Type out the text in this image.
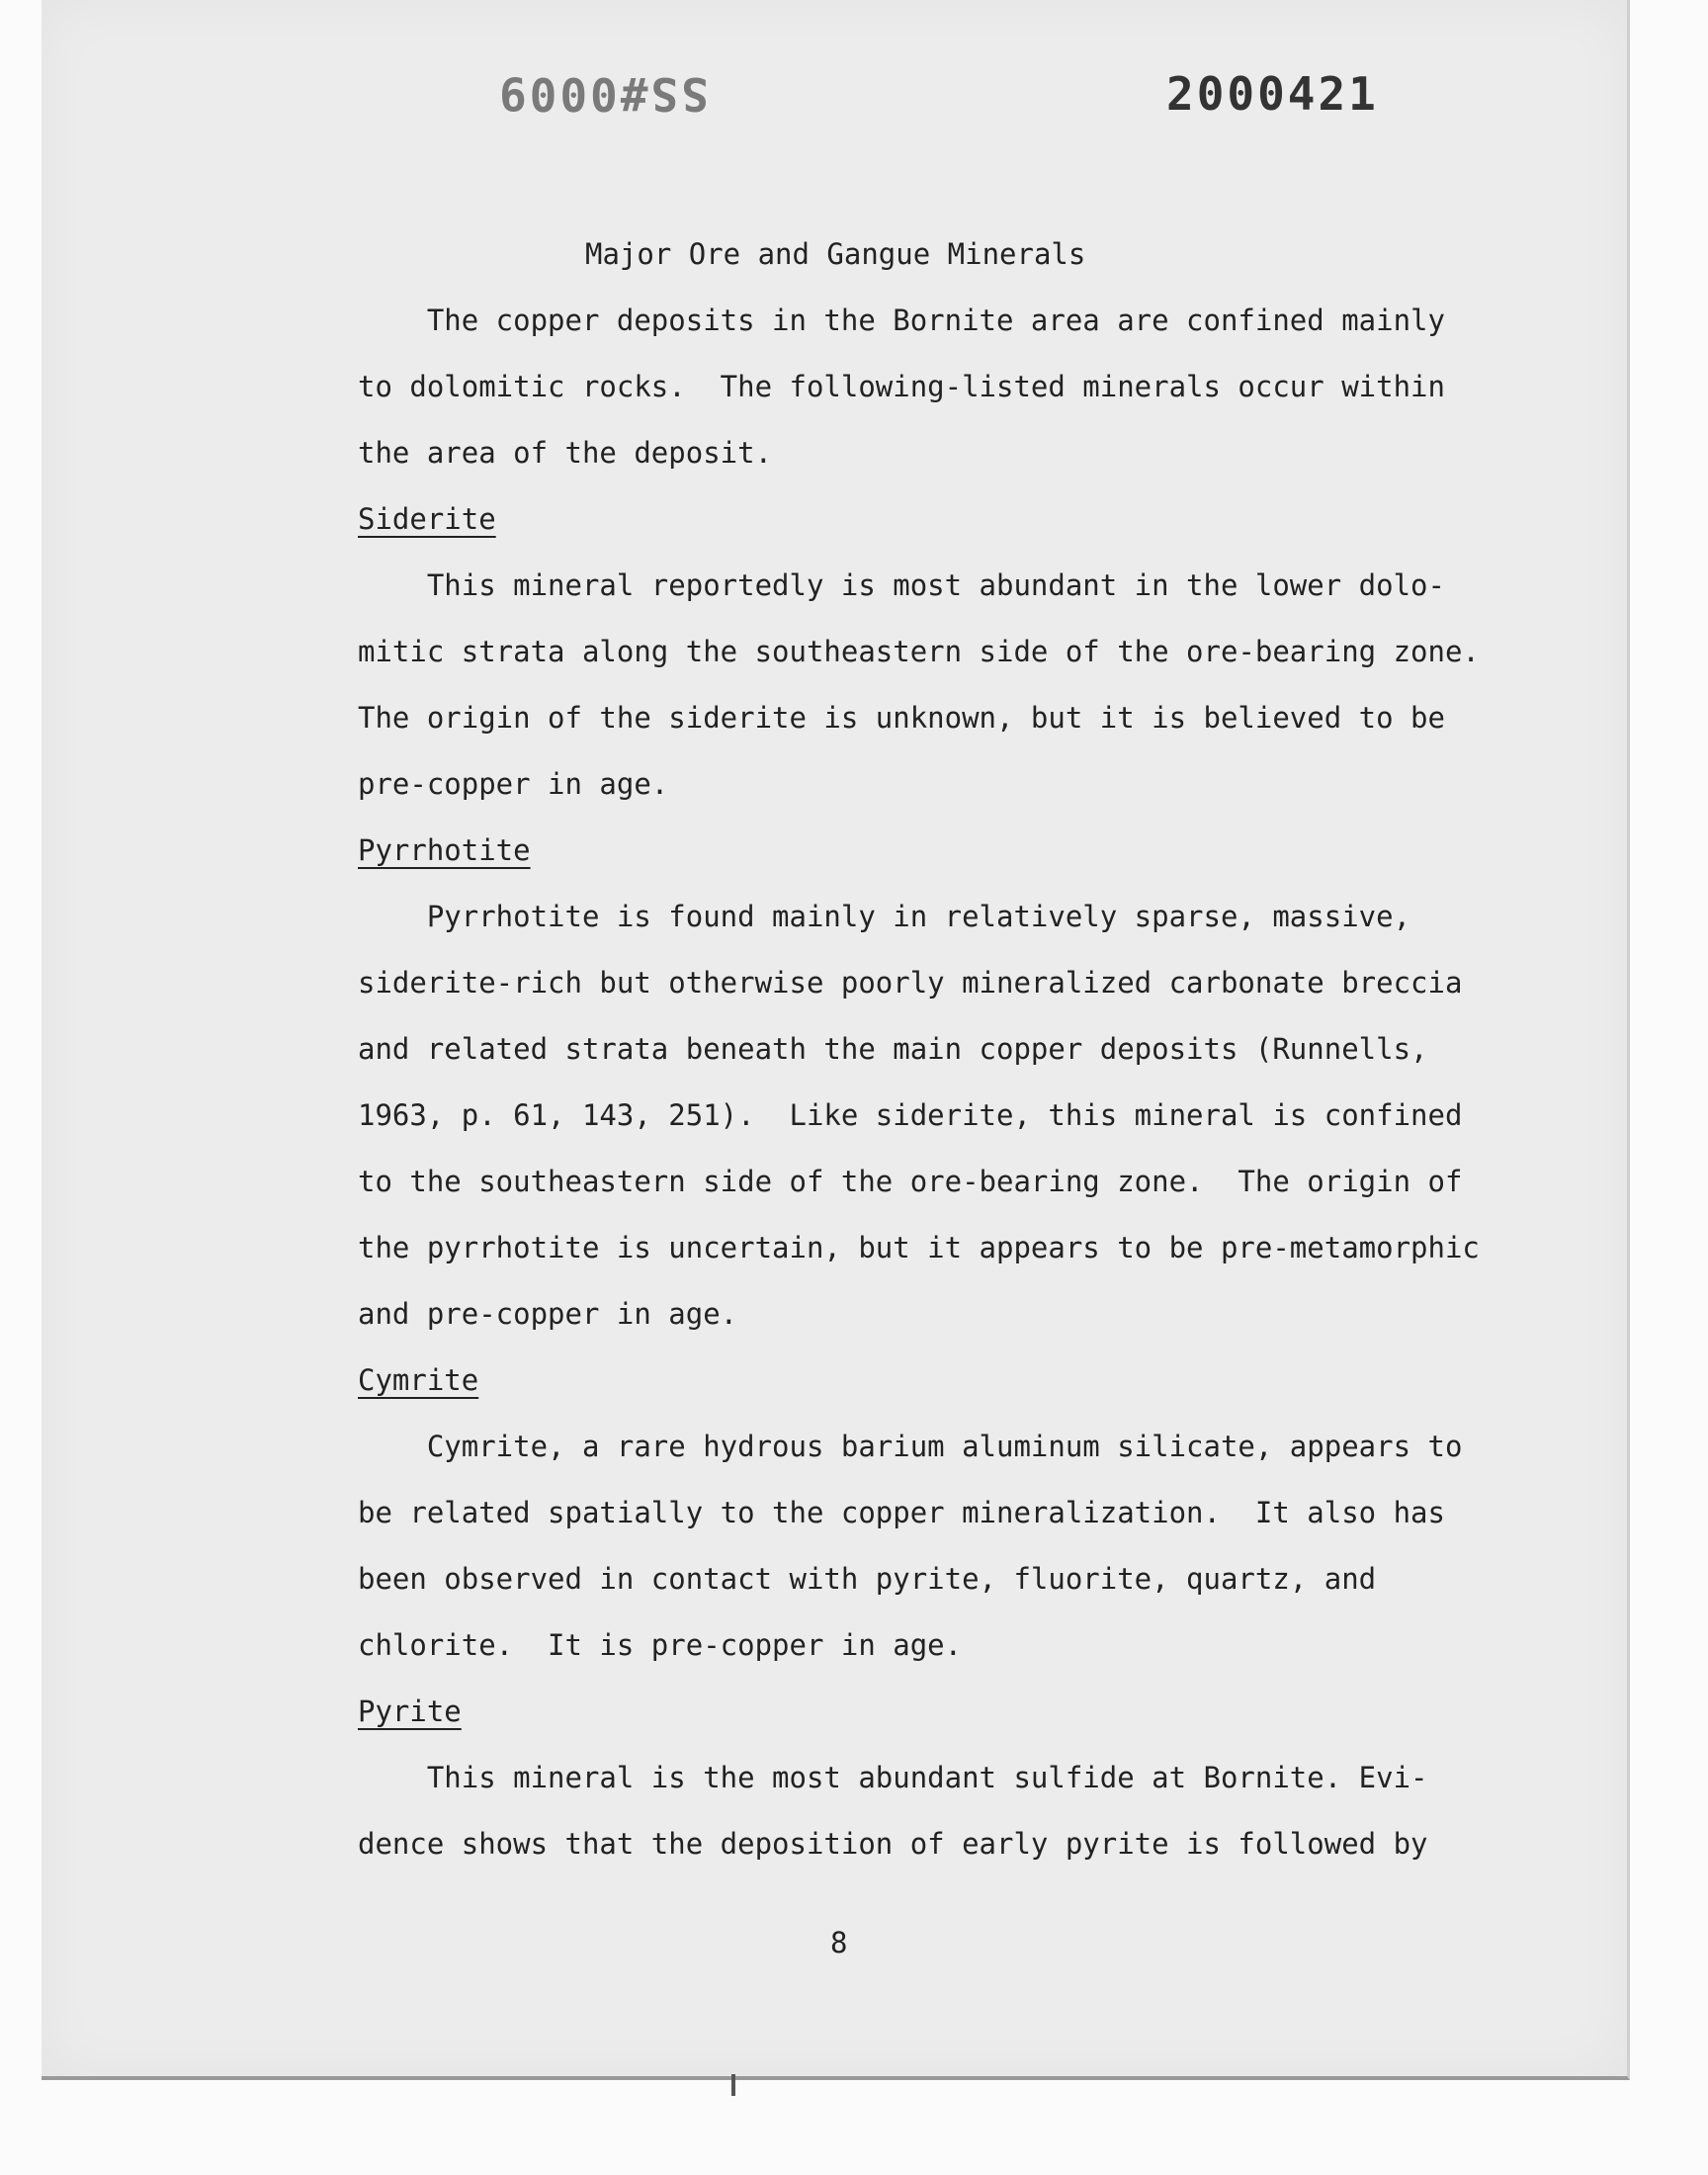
SS#0009	2000421
Major Ore and Gangue Minerals
The copper deposits in the Bornite area are confined mainly
to dolomitic rocks.  The following-listed minerals occur within
the area of the deposit.
Siderite
This mineral reportedly is most abundant in the lower dolo-
mitic strata along the southeastern side of the ore-bearing zone.
The origin of the siderite is unknown, but it is believed to be
pre-copper in age.
Pyrrhotite
Pyrrhotite is found mainly in relatively sparse, massive,
siderite-rich but otherwise poorly mineralized carbonate breccia
and related strata beneath the main copper deposits (Runnells,
1963, p. 61, 143, 251).  Like siderite, this mineral is confined
to the southeastern side of the ore-bearing zone.  The origin of
the pyrrhotite is uncertain, but it appears to be pre-metamorphic
and pre-copper in age.
Cymrite
Cymrite, a rare hydrous barium aluminum silicate, appears to
be related spatially to the copper mineralization.  It also has
been observed in contact with pyrite, fluorite, quartz, and
chlorite.  It is pre-copper in age.
Pyrite
This mineral is the most abundant sulfide at Bornite. Evi-
dence shows that the deposition of early pyrite is followed by
8
